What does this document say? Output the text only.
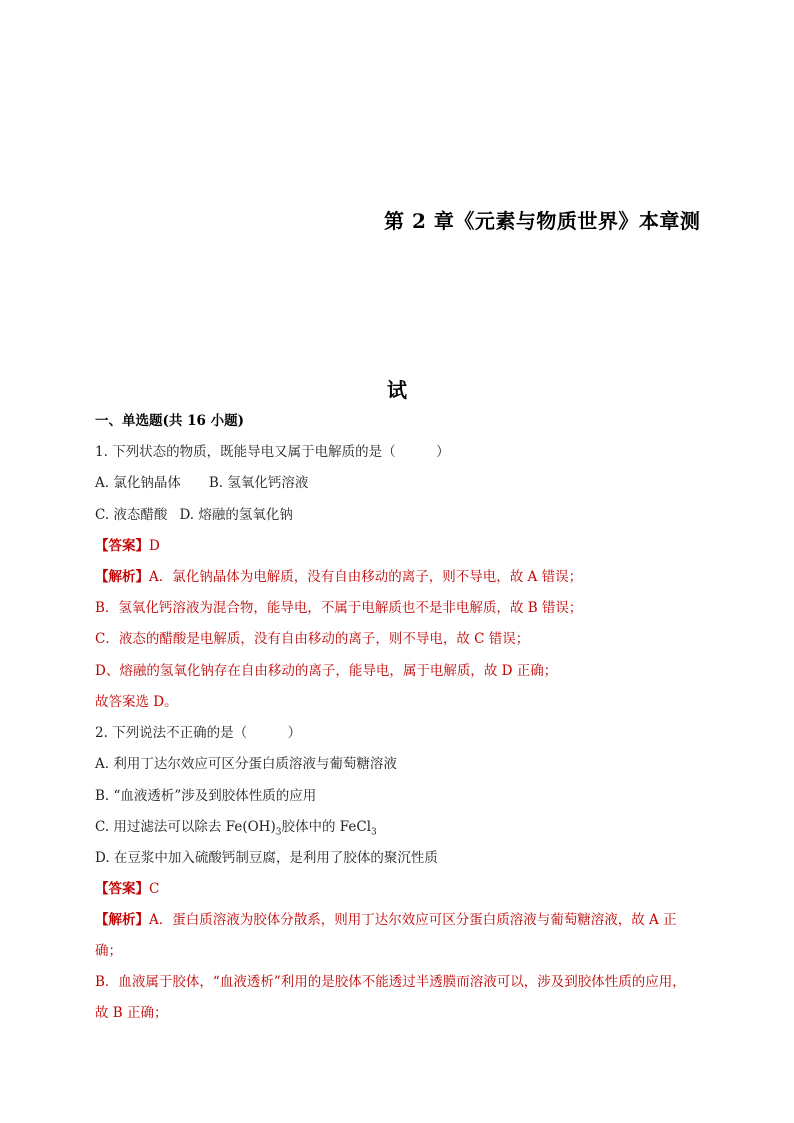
第 2 章《元素与物质世界》本章测
试
一、单选题(共 16 小题)
1. 下列状态的物质，既能导电又属于电解质的是（　　　）
A. 氯化钠晶体 B. 氢氧化钙溶液
C. 液态醋酸 D. 熔融的氢氧化钠
【答案】D
【解析】A．氯化钠晶体为电解质，没有自由移动的离子，则不导电，故 A 错误；
B．氢氧化钙溶液为混合物，能导电，不属于电解质也不是非电解质，故 B 错误；
C．液态的醋酸是电解质，没有自由移动的离子，则不导电，故 C 错误；
D、熔融的氢氧化钠存在自由移动的离子，能导电，属于电解质，故 D 正确；
故答案选 D。
2. 下列说法不正确的是（　　　）
A. 利用丁达尔效应可区分蛋白质溶液与葡萄糖溶液
B. “血液透析”涉及到胶体性质的应用
C. 用过滤法可以除去 $Fe(OH)_3$胶体中的 FeCl$_3$
D. 在豆浆中加入硫酸钙制豆腐，是利用了胶体的聚沉性质
【答案】C
【解析】A．蛋白质溶液为胶体分散系，则用丁达尔效应可区分蛋白质溶液与葡萄糖溶液，故 A 正
确；
B．血液属于胶体，“血液透析”利用的是胶体不能透过半透膜而溶液可以，涉及到胶体性质的应用，
故 B 正确；
